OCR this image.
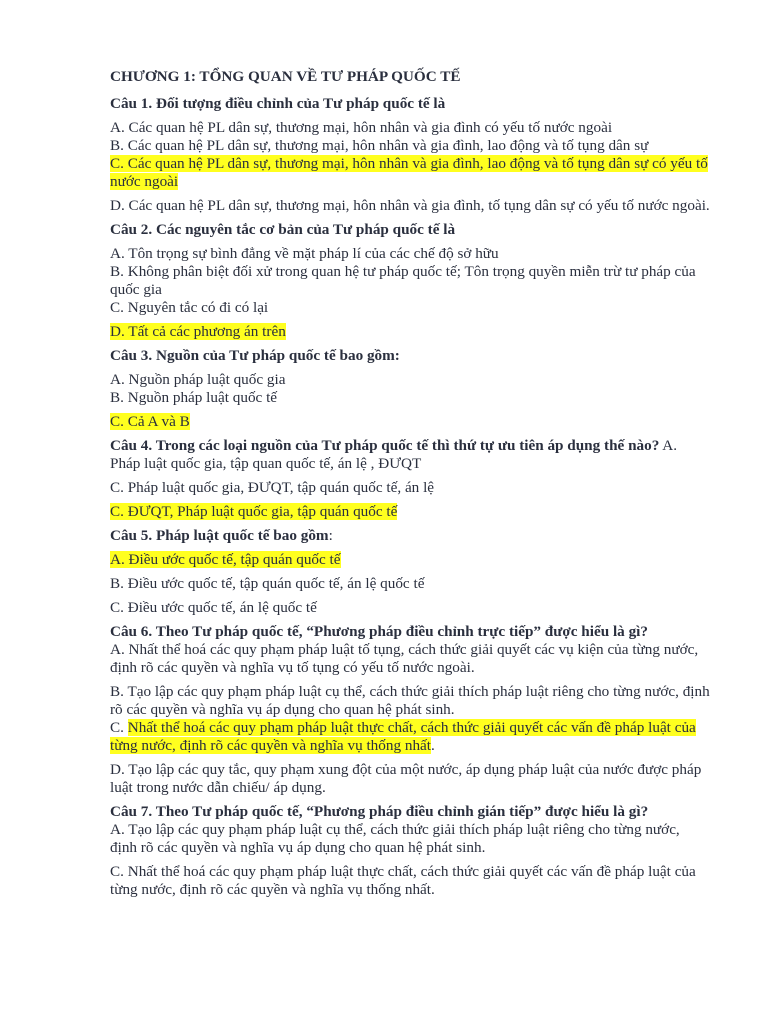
CHƯƠNG 1: TỔNG QUAN VỀ TƯ PHÁP QUỐC TẾ

Câu 1. Đối tượng điều chỉnh của Tư pháp quốc tế là

A. Các quan hệ PL dân sự, thương mại, hôn nhân và gia đình có yếu tố nước ngoài

B. Các quan hệ PL dân sự, thương mại, hôn nhân và gia đình, lao động và tố tụng dân sự

C. Các quan hệ PL dân sự, thương mại, hôn nhân và gia đình, lao động và tố tụng dân sự có yếu tố nước ngoài

D. Các quan hệ PL dân sự, thương mại, hôn nhân và gia đình, tố tụng dân sự có yếu tố nước ngoài.

Câu 2. Các nguyên tắc cơ bản của Tư pháp quốc tế là

A. Tôn trọng sự bình đẳng về mặt pháp lí của các chế độ sở hữu

B. Không phân biệt đối xử trong quan hệ tư pháp quốc tế; Tôn trọng quyền miễn trừ tư pháp của quốc gia

C. Nguyên tắc có đi có lại

D. Tất cả các phương án trên

Câu 3. Nguồn của Tư pháp quốc tế bao gồm:

A. Nguồn pháp luật quốc gia

B. Nguồn pháp luật quốc tế

C. Cả A và B

Câu 4. Trong các loại nguồn của Tư pháp quốc tế thì thứ tự ưu tiên áp dụng thế nào? A. Pháp luật quốc gia, tập quan quốc tế, án lệ , ĐƯQT

C. Pháp luật quốc gia, ĐƯQT, tập quán quốc tế, án lệ

C. ĐƯQT, Pháp luật quốc gia, tập quán quốc tế

Câu 5. Pháp luật quốc tế bao gồm:

A. Điều ước quốc tế, tập quán quốc tế

B. Điều ước quốc tế, tập quán quốc tế, án lệ quốc tế

C. Điều ước quốc tế, án lệ quốc tế

Câu 6. Theo Tư pháp quốc tế, “Phương pháp điều chỉnh trực tiếp” được hiểu là gì?

A. Nhất thể hoá các quy phạm pháp luật tố tụng, cách thức giải quyết các vụ kiện của từng nước, định rõ các quyền và nghĩa vụ tố tụng có yếu tố nước ngoài.

B. Tạo lập các quy phạm pháp luật cụ thể, cách thức giải thích pháp luật riêng cho từng nước, định rõ các quyền và nghĩa vụ áp dụng cho quan hệ phát sinh.

C. Nhất thể hoá các quy phạm pháp luật thực chất, cách thức giải quyết các vấn đề pháp luật của từng nước, định rõ các quyền và nghĩa vụ thống nhất.

D. Tạo lập các quy tắc, quy phạm xung đột của một nước, áp dụng pháp luật của nước được pháp luật trong nước dẫn chiếu/ áp dụng.

Câu 7. Theo Tư pháp quốc tế, “Phương pháp điều chỉnh gián tiếp” được hiểu là gì?

A. Tạo lập các quy phạm pháp luật cụ thể, cách thức giải thích pháp luật riêng cho từng nước, định rõ các quyền và nghĩa vụ áp dụng cho quan hệ phát sinh.

C. Nhất thể hoá các quy phạm pháp luật thực chất, cách thức giải quyết các vấn đề pháp luật của từng nước, định rõ các quyền và nghĩa vụ thống nhất.
